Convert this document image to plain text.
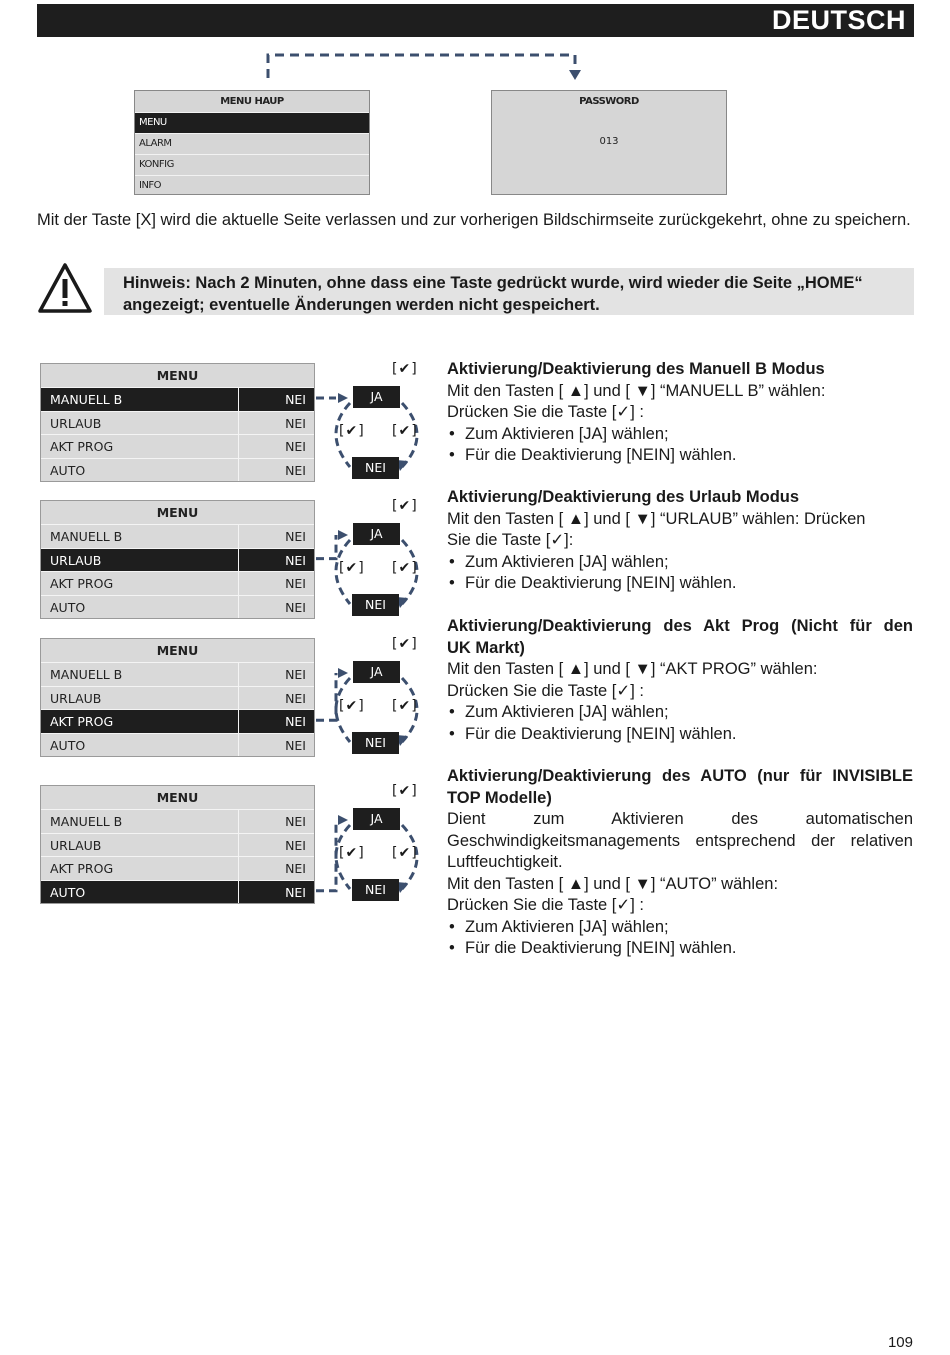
DEUTSCH
MENU HAUP
MENU
ALARM
KONFIG
INFO
PASSWORD
013
Mit der Taste [X] wird die aktuelle Seite verlassen und zur vorherigen Bildschirmseite zurückgekehrt, ohne zu speichern.
Hinweis: Nach 2 Minuten, ohne dass eine Taste gedrückt wurde, wird wieder die Seite „HOME“ angezeigt; eventuelle Änderungen werden nicht gespeichert.
MENU
MANUELL B	NEI
URLAUB	NEI
AKT PROG	NEI
AUTO	NEI
JA
NEI
[✔]
[✔] [✔]
MENU
MANUELL B	NEI
URLAUB	NEI
AKT PROG	NEI
AUTO	NEI
JA
NEI
[✔]
[✔] [✔]
MENU
MANUELL B	NEI
URLAUB	NEI
AKT PROG	NEI
AUTO	NEI
JA
NEI
[✔]
[✔] [✔]
MENU
MANUELL B	NEI
URLAUB	NEI
AKT PROG	NEI
AUTO	NEI
JA
NEI
[✔]
[✔] [✔]
Aktivierung/Deaktivierung des Manuell B Modus
Mit den Tasten [ ▲] und [ ▼] “MANUELL B” wählen:
Drücken Sie die Taste [✓] :
• Zum Aktivieren [JA] wählen;
• Für die Deaktivierung [NEIN] wählen.
Aktivierung/Deaktivierung des Urlaub Modus
Mit den Tasten [ ▲] und [ ▼] “URLAUB” wählen: Drücken
Sie die Taste [✓]:
• Zum Aktivieren [JA] wählen;
• Für die Deaktivierung [NEIN] wählen.
Aktivierung/Deaktivierung des Akt Prog (Nicht für den
UK Markt)
Mit den Tasten [ ▲] und [ ▼] “AKT PROG” wählen:
Drücken Sie die Taste [✓] :
• Zum Aktivieren [JA] wählen;
• Für die Deaktivierung [NEIN] wählen.
Aktivierung/Deaktivierung des AUTO (nur für INVISIBLE
TOP Modelle)
Dient zum Aktivieren des automatischen
Geschwindigkeitsmanagements entsprechend der relativen
Luftfeuchtigkeit.
Mit den Tasten [ ▲] und [ ▼] “AUTO” wählen:
Drücken Sie die Taste [✓] :
• Zum Aktivieren [JA] wählen;
• Für die Deaktivierung [NEIN] wählen.
109
